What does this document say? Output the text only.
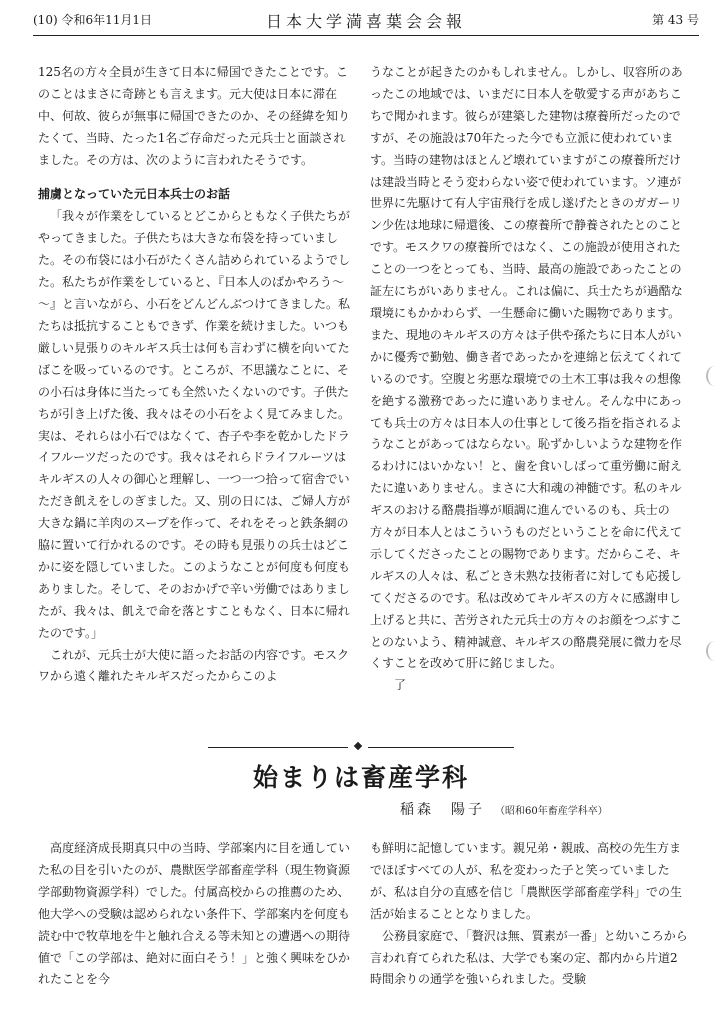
(10) 令和6年11月1日	日本大学満喜葉会会報	第 43 号

125名の方々全員が生きて日本に帰国できたことです。このことはまさに奇跡とも言えます。元大使は日本に滞在中、何故、彼らが無事に帰国できたのか、その経緯を知りたくて、当時、たった1名ご存命だった元兵士と面談されました。その方は、次のように言われたそうです。

捕虜となっていた元日本兵士のお話

「我々が作業をしているとどこからともなく子供たちがやってきました。子供たちは大きな布袋を持っていました。その布袋には小石がたくさん詰められているようでした。私たちが作業をしていると、『日本人のばかやろう～～』と言いながら、小石をどんどんぶつけてきました。私たちは抵抗することもできず、作業を続けました。いつも厳しい見張りのキルギス兵士は何も言わずに横を向いてたばこを吸っているのです。ところが、不思議なことに、その小石は身体に当たっても全然いたくないのです。子供たちが引き上げた後、我々はその小石をよく見てみました。実は、それらは小石ではなくて、杏子や李を乾かしたドライフルーツだったのです。我々はそれらドライフルーツはキルギスの人々の御心と理解し、一つ一つ拾って宿舎でいただき飢えをしのぎました。又、別の日には、ご婦人方が大きな鍋に羊肉のスープを作って、それをそっと鉄条網の脇に置いて行かれるのです。その時も見張りの兵士はどこかに姿を隠していました。このようなことが何度も何度もありました。そして、そのおかげで辛い労働ではありましたが、我々は、飢えで命を落とすこともなく、日本に帰れたのです。」

これが、元兵士が大使に語ったお話の内容です。モスクワから遠く離れたキルギスだったからこのよ

うなことが起きたのかもしれません。しかし、収容所のあったこの地域では、いまだに日本人を敬愛する声があちこちで聞かれます。彼らが建築した建物は療養所だったのですが、その施設は70年たった今でも立派に使われています。当時の建物はほとんど壊れていますがこの療養所だけは建設当時とそう変わらない姿で使われています。ソ連が世界に先駆けて有人宇宙飛行を成し遂げたときのガガーリン少佐は地球に帰還後、この療養所で静養されたとのことです。モスクワの療養所ではなく、この施設が使用されたことの一つをとっても、当時、最高の施設であったことの証左にちがいありません。これは偏に、兵士たちが過酷な環境にもかかわらず、一生懸命に働いた賜物であります。また、現地のキルギスの方々は子供や孫たちに日本人がいかに優秀で勤勉、働き者であったかを連綿と伝えてくれているのです。空腹と劣悪な環境での土木工事は我々の想像を絶する激務であったに違いありません。そんな中にあっても兵士の方々は日本人の仕事として後ろ指を指されるようなことがあってはならない。恥ずかしいような建物を作るわけにはいかない！と、歯を食いしばって重労働に耐えたに違いありません。まさに大和魂の神髄です。私のキルギスのおける酪農指導が順調に進んでいるのも、兵士の方々が日本人とはこういうものだということを命に代えて示してくださったことの賜物であります。だからこそ、キルギスの人々は、私ごとき未熟な技術者に対しても応援してくださるのです。私は改めてキルギスの方々に感謝申し上げると共に、苦労された元兵士の方々のお顔をつぶすことのないよう、精神誠意、キルギスの酪農発展に微力を尽くすことを改めて肝に銘じました。

了

始まりは畜産学科
稲森　陽子 （昭和60年畜産学科卒）

高度経済成長期真只中の当時、学部案内に目を通していた私の目を引いたのが、農獣医学部畜産学科（現生物資源学部動物資源学科）でした。付属高校からの推薦のため、他大学への受験は認められない条件下、学部案内を何度も読む中で牧草地を牛と触れ合える等未知との遭遇への期待値で「この学部は、絶対に面白そう！」と強く興味をひかれたことを今

も鮮明に記憶しています。親兄弟・親戚、高校の先生方までほぼすべての人が、私を変わった子と笑っていましたが、私は自分の直感を信じ「農獣医学部畜産学科」での生活が始まることとなりました。

公務員家庭で、「贅沢は無、質素が一番」と幼いころから言われ育てられた私は、大学でも案の定、都内から片道2時間余りの通学を強いられました。受験
